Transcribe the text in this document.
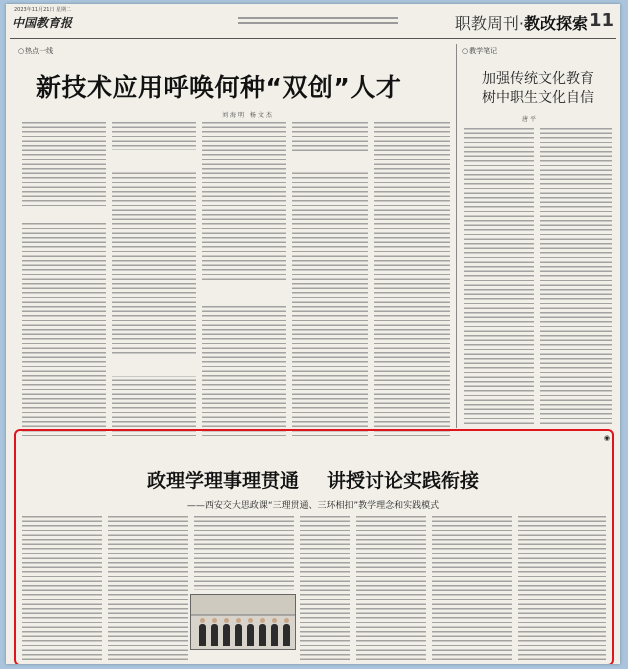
2023年11月21日 星期二
中国教育报	职教周刊·教改探索 11
○ 热点一线
新技术应用呼唤何种“双创”人才
刘海明 杨文杰
○ 教学笔记
加强传统文化教育
树中职生文化自信
唐平
◉
政理学理事理贯通 讲授讨论实践衔接
——西安交大思政课“三理贯通、三环相扣”教学理念和实践模式
